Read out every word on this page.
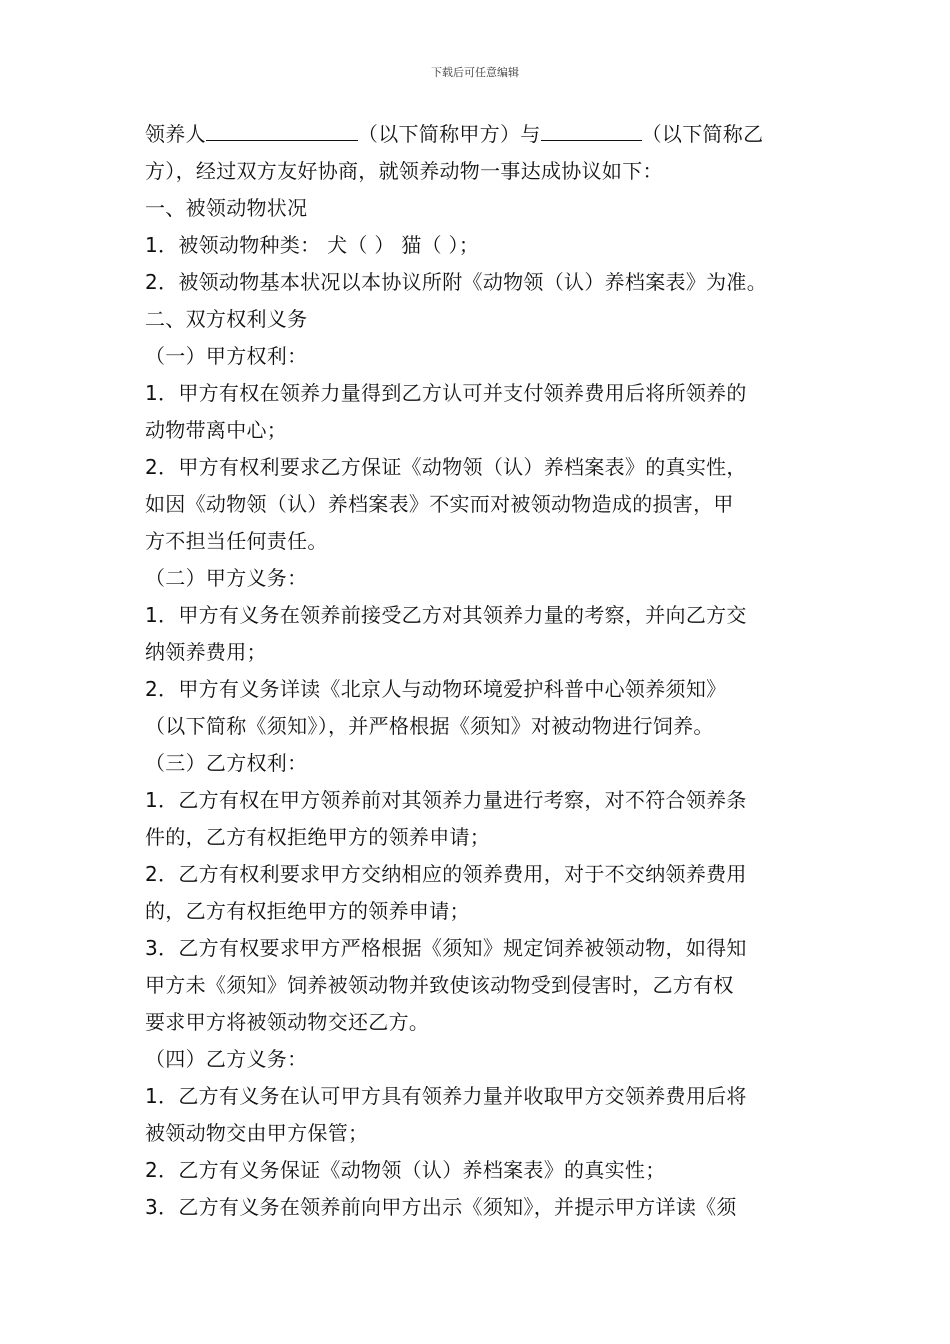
下载后可任意编辑
领养人	（以下简称甲方）与	（以下简称乙
方），经过双方友好协商，就领养动物一事达成协议如下：
一、被领动物状况
1．被领动物种类： 犬（ ） 猫（ ）；
2．被领动物基本状况以本协议所附《动物领（认）养档案表》为准。
二、双方权利义务
（一）甲方权利：
1．甲方有权在领养力量得到乙方认可并支付领养费用后将所领养的
动物带离中心；
2．甲方有权利要求乙方保证《动物领（认）养档案表》的真实性，
如因《动物领（认）养档案表》不实而对被领动物造成的损害，甲
方不担当任何责任。
（二）甲方义务：
1．甲方有义务在领养前接受乙方对其领养力量的考察，并向乙方交
纳领养费用；
2．甲方有义务详读《北京人与动物环境爱护科普中心领养须知》
（以下简称《须知》），并严格根据《须知》对被动物进行饲养。
（三）乙方权利：
1．乙方有权在甲方领养前对其领养力量进行考察，对不符合领养条
件的，乙方有权拒绝甲方的领养申请；
2．乙方有权利要求甲方交纳相应的领养费用，对于不交纳领养费用
的，乙方有权拒绝甲方的领养申请；
3．乙方有权要求甲方严格根据《须知》规定饲养被领动物，如得知
甲方未《须知》饲养被领动物并致使该动物受到侵害时，乙方有权
要求甲方将被领动物交还乙方。
（四）乙方义务：
1．乙方有义务在认可甲方具有领养力量并收取甲方交领养费用后将
被领动物交由甲方保管；
2．乙方有义务保证《动物领（认）养档案表》的真实性；
3．乙方有义务在领养前向甲方出示《须知》，并提示甲方详读《须
